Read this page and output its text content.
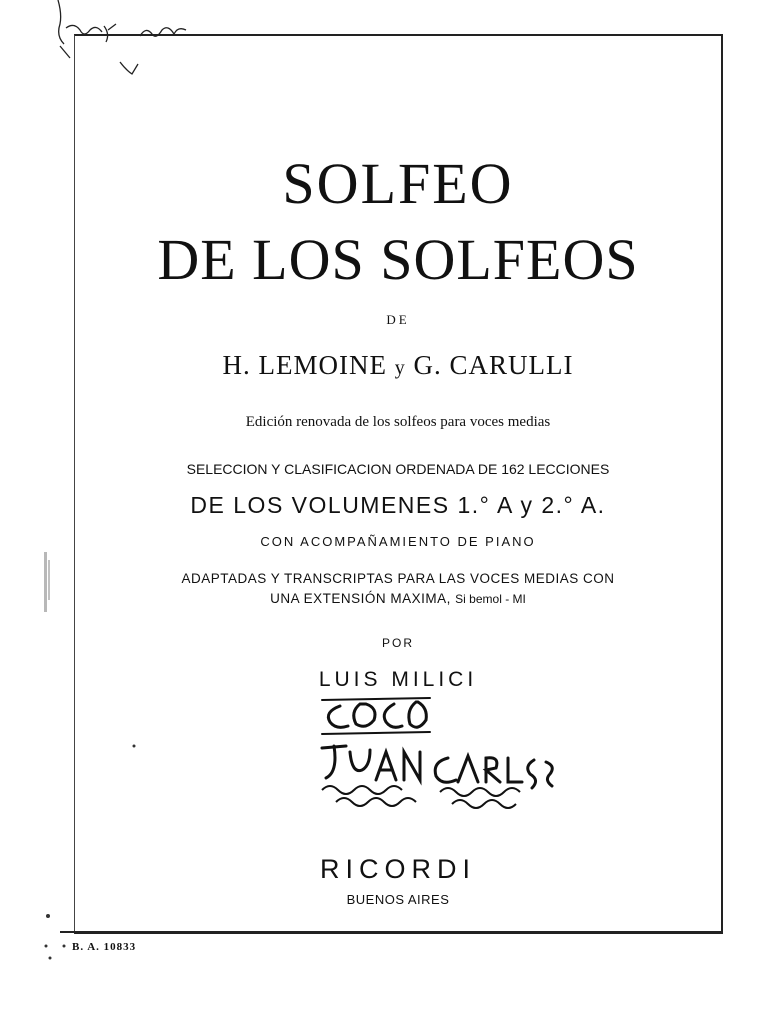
SOLFEO
DE LOS SOLFEOS
DE
H. LEMOINE y G. CARULLI
Edición renovada de los solfeos para voces medias
SELECCION Y CLASIFICACION ORDENADA DE 162 LECCIONES
DE LOS VOLUMENES 1.° A y 2.° A.
CON ACOMPAÑAMIENTO DE PIANO
ADAPTADAS Y TRANSCRIPTAS PARA LAS VOCES MEDIAS CON
UNA EXTENSIÓN MAXIMA, Si bemol - MI
POR
LUIS MILICI
RICORDI
BUENOS AIRES
B. A. 10833
